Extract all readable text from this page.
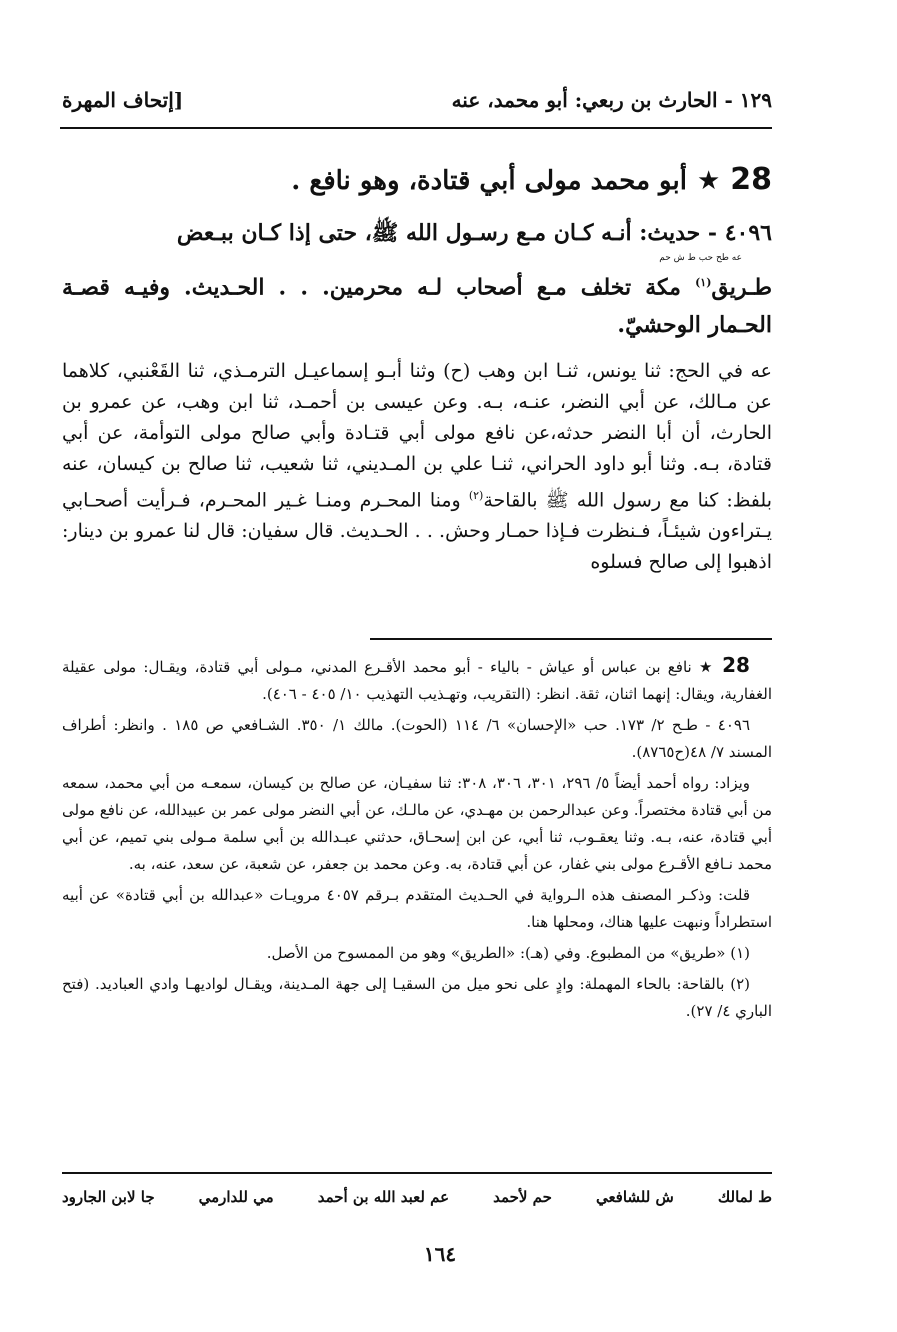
١٢٩ - الحارث بن ربعي: أبو محمد، عنه
[إتحاف المهرة
28★أبو محمد مولى أبي قتادة، وهو نافع .
٤٠٩٦ - حديث: أنـه كـان مـع رسـول الله ﷺ، حتى إذا كـان ببـعض
عه طح حب ط ش حم
طـريق$^{(١)}$ مكة تخلف مـع أصحاب لـه محرمين. . . الحـديث. وفيـه قصـة الحـمار الوحشيّ.
عه في الحج: ثنا يونس، ثنـا ابن وهب (ح) وثنا أبـو إسماعيـل الترمـذي، ثنا القَعْنبي، كلاهما عن مـالك، عن أبي النضر، عنـه، بـه. وعن عيسى بن أحمـد، ثنا ابن وهب، عن عمرو بن الحارث، أن أبا النضر حدثه،عن نافع مولى أبي قتـادة وأبي صالح مولى التوأمة، عن أبي قتادة، بـه. وثنا أبو داود الحراني، ثنـا علي بن المـديني، ثنا شعيب، ثنا صالح بن كيسان، عنه بلفظ: كنا مع رسول الله ﷺ بالقاحة$^{(٢)}$ ومنا المحـرم ومنـا غـير المحـرم، فـرأيت أصحـابي يـتراءون شيئـاً، فـنظرت فـإذا حمـار وحش. . . الحـديث. قال سفيان: قال لنا عمرو بن دينار: اذهبوا إلى صالح فسلوه

28 ★ نافع بن عباس أو عياش - بالياء - أبو محمد الأقـرع المدني، مـولى أبي قتادة، ويقـال: مولى عقيلة الغفارية، ويقال: إنهما اثنان، ثقة. انظر: (التقريب، وتهـذيب التهذيب ١٠/ ٤٠٥ - ٤٠٦).

٤٠٩٦ - طـح ٢/ ١٧٣. حب «الإحسان» ٦/ ١١٤ (الحوت). مالك ١/ ٣٥٠. الشـافعي ص ١٨٥ . وانظر: أطراف المسند ٧/ ٤٨(ح٨٧٦٥).

ويزاد: رواه أحمد أيضاً ٥/ ٢٩٦، ٣٠١، ٣٠٦، ٣٠٨: ثنا سفيـان، عن صالح بن كيسان، سمعـه من أبي محمد، سمعه من أبي قتادة مختصراً. وعن عبدالرحمن بن مهـدي، عن مالـك، عن أبي النضر مولى عمر بن عبيدالله، عن نافع مولى أبي قتادة، عنه، بـه. وثنا يعقـوب، ثنا أبي، عن ابن إسحـاق، حدثني عبـدالله بن أبي سلمة مـولى بني تميم، عن أبي محمد نـافع الأقـرع مولى بني غفار، عن أبي قتادة، به. وعن محمد بن جعفر، عن شعبة، عن سعد، عنه، به.

قلت: وذكـر المصنف هذه الـرواية في الحـديث المتقدم بـرقم ٤٠٥٧ مرويـات «عبدالله بن أبي قتادة» عن أبيه استطراداً ونبهت عليها هناك، ومحلها هنا.

(١) «طريق» من المطبوع. وفي (هـ): «الطريق» وهو من الممسوح من الأصل.

(٢) بالقاحة: بالحاء المهملة: وادٍ على نحو ميل من السقيـا إلى جهة المـدينة، ويقـال لواديهـا وادي العباديد. (فتح الباري ٤/ ٢٧).

ط لمالك
ش للشافعي
حم لأحمد
عم لعبد الله بن أحمد
مي للدارمي
جا لابن الجارود
١٦٤
